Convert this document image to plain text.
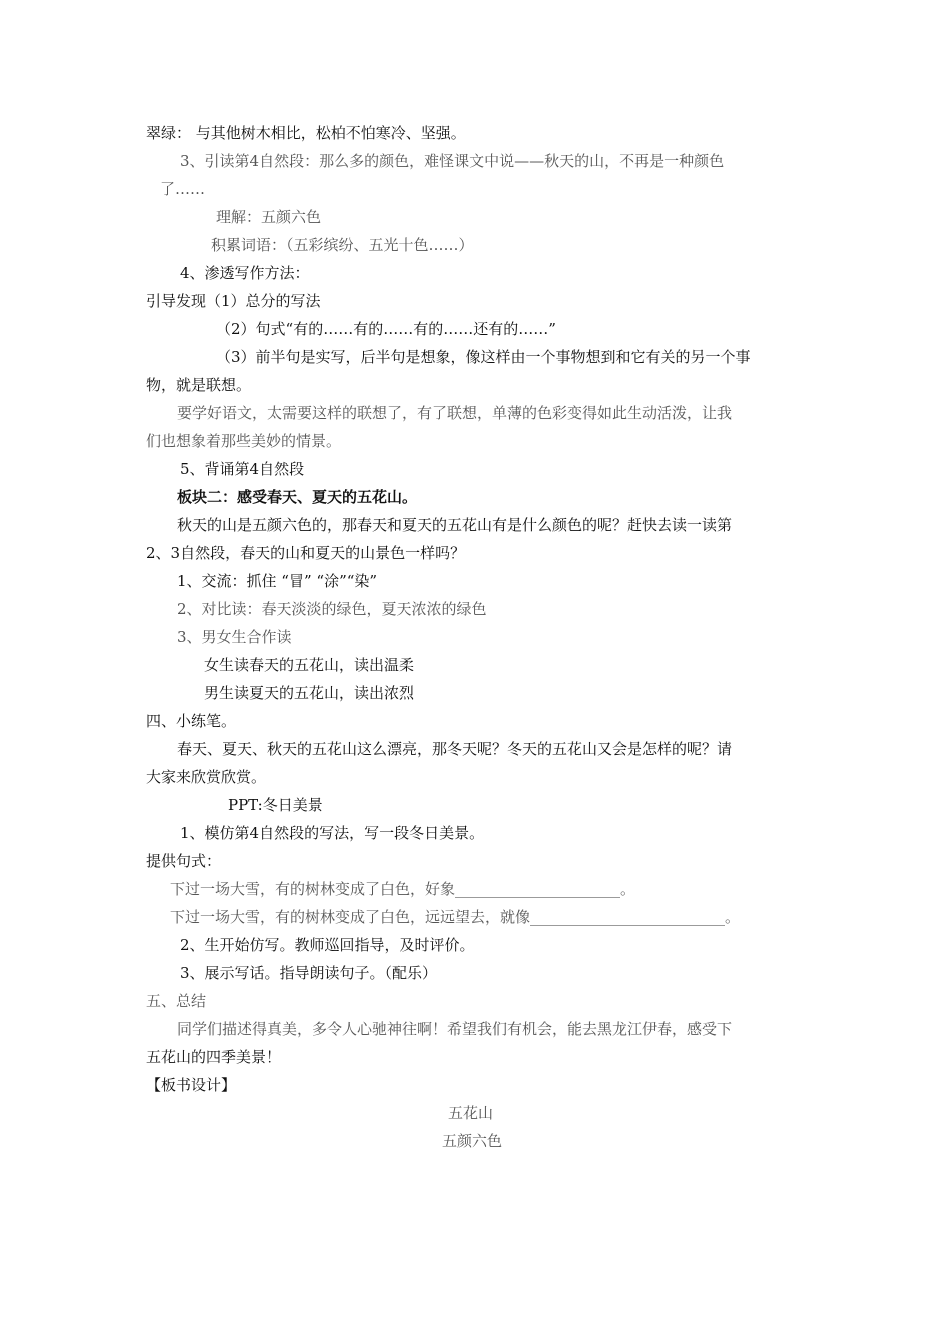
翠绿： 与其他树木相比，松柏不怕寒冷、坚强。
3、引读第4自然段：那么多的颜色，难怪课文中说——秋天的山，不再是一种颜色
了……
理解：五颜六色
积累词语：（五彩缤纷、五光十色……）
4、渗透写作方法：
引导发现（1）总分的写法
（2）句式“有的……有的……有的……还有的……”
（3）前半句是实写，后半句是想象，像这样由一个事物想到和它有关的另一个事
物，就是联想。
要学好语文，太需要这样的联想了，有了联想，单薄的色彩变得如此生动活泼，让我
们也想象着那些美妙的情景。
5、背诵第4自然段
板块二：感受春天、夏天的五花山。
秋天的山是五颜六色的，那春天和夏天的五花山有是什么颜色的呢？赶快去读一读第
2、3自然段，春天的山和夏天的山景色一样吗？
1、交流：抓住 “冒” “涂”“染”
2、对比读：春天淡淡的绿色，夏天浓浓的绿色
3、男女生合作读
女生读春天的五花山，读出温柔
男生读夏天的五花山，读出浓烈
四、小练笔。
春天、夏天、秋天的五花山这么漂亮，那冬天呢？冬天的五花山又会是怎样的呢？请
大家来欣赏欣赏。
PPT:冬日美景
1、模仿第4自然段的写法，写一段冬日美景。
提供句式：
下过一场大雪，有的树林变成了白色，好象______________________。
下过一场大雪，有的树林变成了白色，远远望去，就像__________________________。
2、生开始仿写。教师巡回指导，及时评价。
3、展示写话。指导朗读句子。（配乐）
五、总结
同学们描述得真美，多令人心驰神往啊！希望我们有机会，能去黑龙江伊春，感受下
五花山的四季美景！
【板书设计】
五花山
五颜六色
